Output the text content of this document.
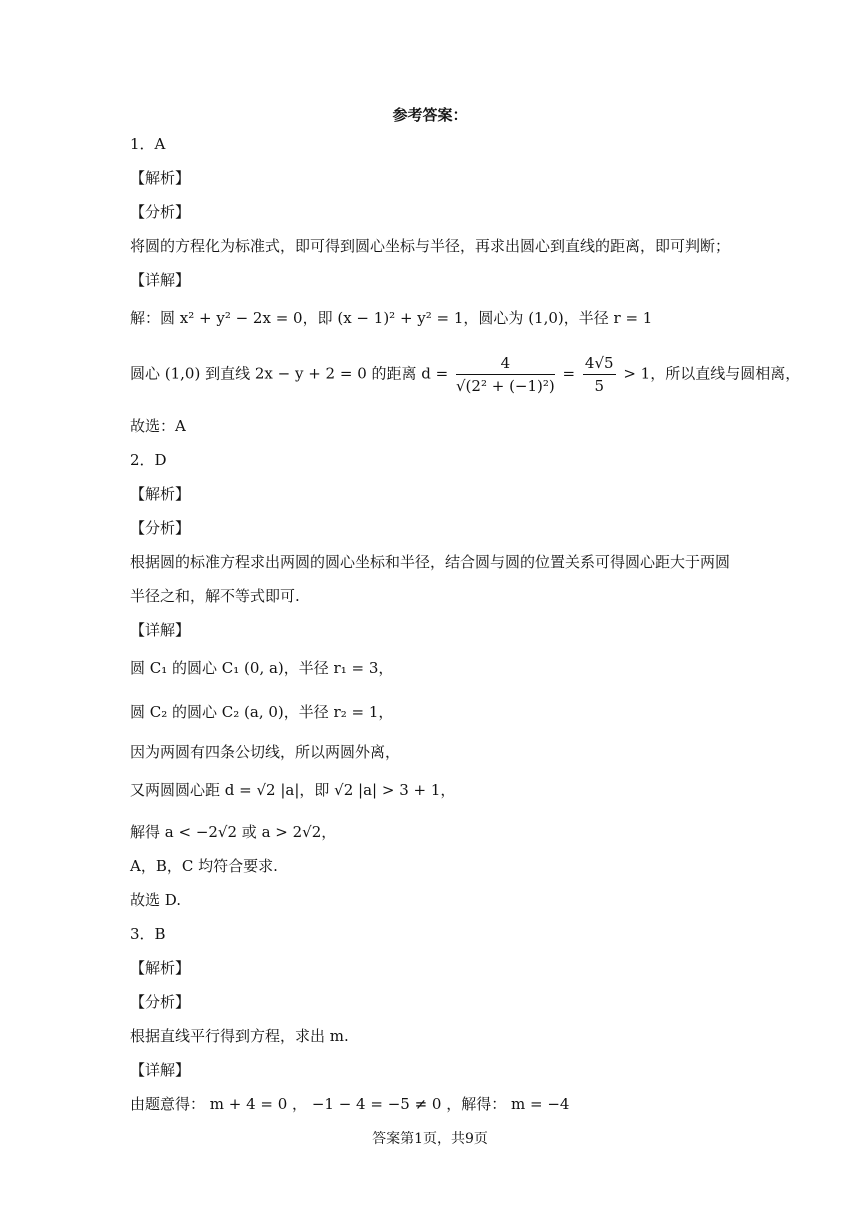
参考答案：
1．A
【解析】
【分析】
将圆的方程化为标准式，即可得到圆心坐标与半径，再求出圆心到直线的距离，即可判断；
【详解】
解：圆 x² + y² − 2x = 0，即 (x − 1)² + y² = 1，圆心为 (1,0)，半径 r = 1
圆心 (1,0) 到直线 2x − y + 2 = 0 的距离 $d = \frac{4}{\text{√(2² + (−1)²)}} = \frac{4√5}{5} > 1$，所以直线与圆相离，
故选：A
2．D
【解析】
【分析】
根据圆的标准方程求出两圆的圆心坐标和半径，结合圆与圆的位置关系可得圆心距大于两圆
半径之和，解不等式即可.
【详解】
圆 C₁ 的圆心 C₁ (0, a)，半径 r₁ = 3，
圆 C₂ 的圆心 C₂ (a, 0)，半径 r₂ = 1，
因为两圆有四条公切线，所以两圆外离，
又两圆圆心距 d = √2 |a|，即 √2 |a| > 3 + 1，
解得 a < −2√2 或 a > 2√2，
A，B，C 均符合要求.
故选 D.
3．B
【解析】
【分析】
根据直线平行得到方程，求出 m.
【详解】
由题意得： m + 4 = 0 ， −1 − 4 = −5 ≠ 0 ，解得： m = −4
答案第1页，共9页
